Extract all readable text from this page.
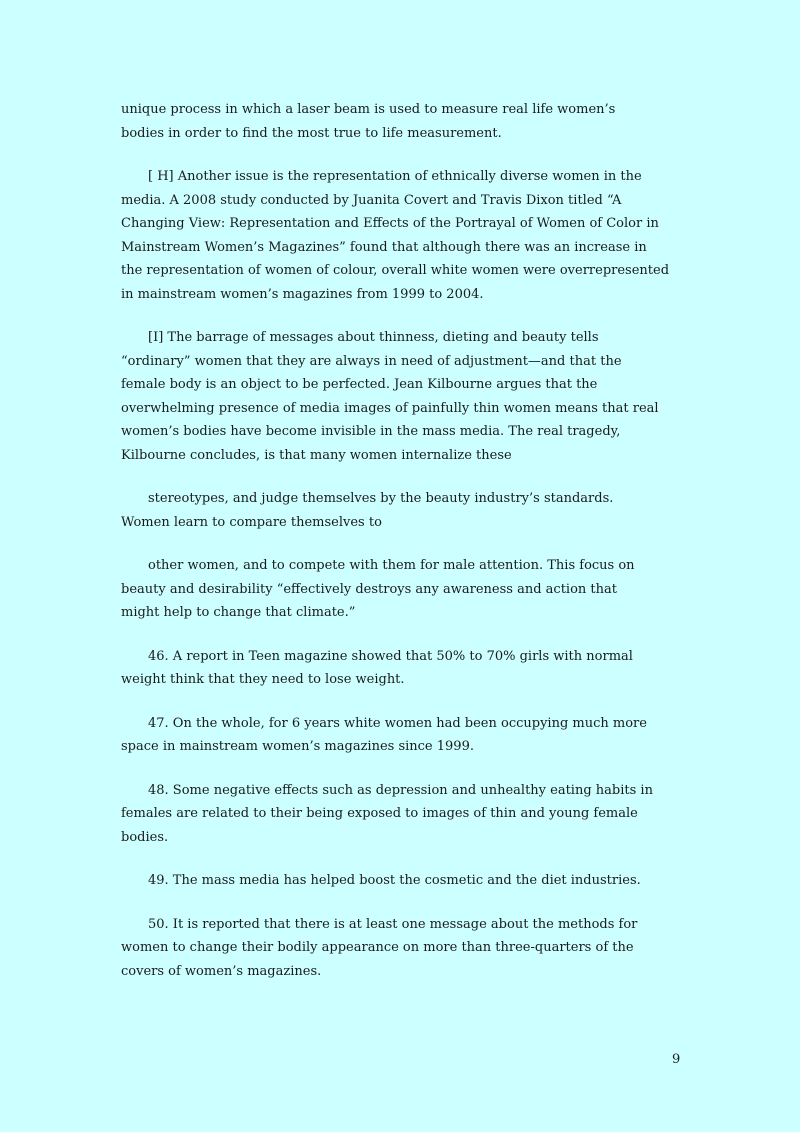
unique process in which a laser beam is used to measure real life women’s
bodies in order to find the most true to life measurement.

[ H] Another issue is the representation of ethnically diverse women in the
media. A 2008 study conducted by Juanita Covert and Travis Dixon titled “A
Changing View: Representation and Effects of the Portrayal of Women of Color in
Mainstream Women’s Magazines” found that although there was an increase in
the representation of women of colour, overall white women were overrepresented
in mainstream women’s magazines from 1999 to 2004.

[I] The barrage of messages about thinness, dieting and beauty tells
“ordinary” women that they are always in need of adjustment—and that the
female body is an object to be perfected. Jean Kilbourne argues that the
overwhelming presence of media images of painfully thin women means that real
women’s bodies have become invisible in the mass media. The real tragedy,
Kilbourne concludes, is that many women internalize these

stereotypes, and judge themselves by the beauty industry’s standards.
Women learn to compare themselves to

other women, and to compete with them for male attention. This focus on
beauty and desirability “effectively destroys any awareness and action that
might help to change that climate.”

46. A report in Teen magazine showed that 50% to 70% girls with normal
weight think that they need to lose weight.

47. On the whole, for 6 years white women had been occupying much more
space in mainstream women’s magazines since 1999.

48. Some negative effects such as depression and unhealthy eating habits in
females are related to their being exposed to images of thin and young female
bodies.

49. The mass media has helped boost the cosmetic and the diet industries.

50. It is reported that there is at least one message about the methods for
women to change their bodily appearance on more than three-quarters of the
covers of women’s magazines.

9
